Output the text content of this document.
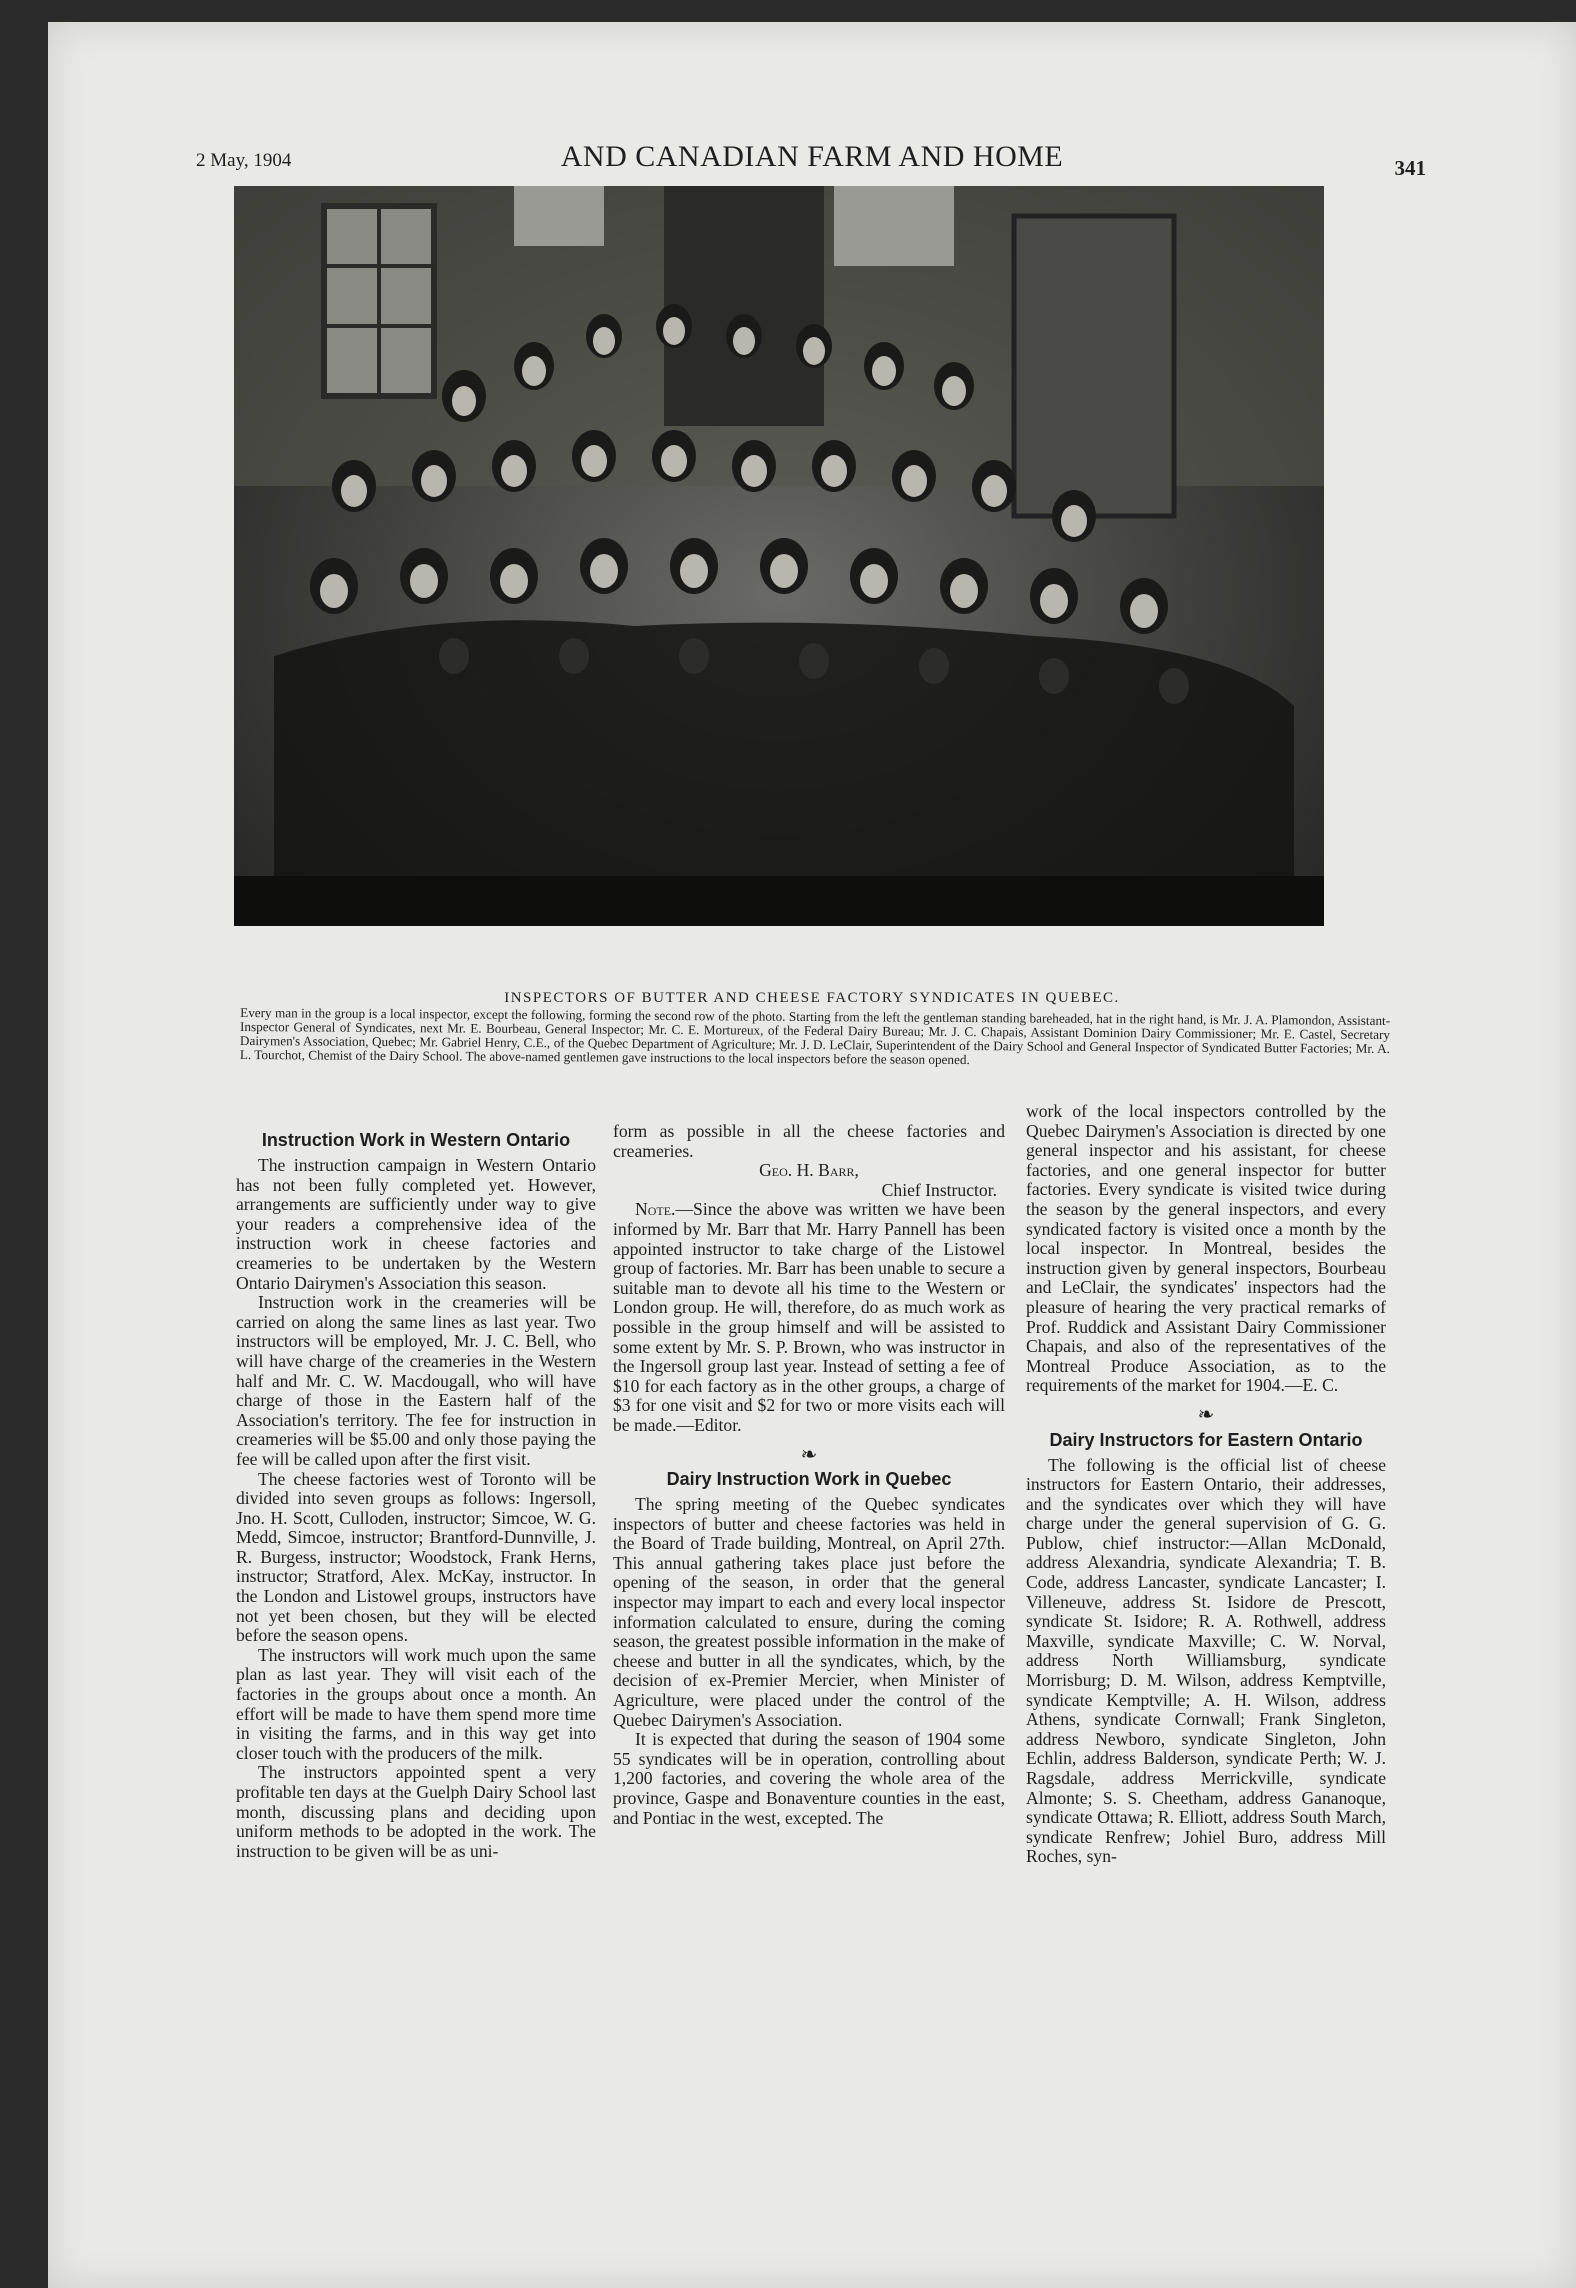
2 May, 1904	AND CANADIAN FARM AND HOME	341
INSPECTORS OF BUTTER AND CHEESE FACTORY SYNDICATES IN QUEBEC.
Every man in the group is a local inspector, except the following, forming the second row of the photo. Starting from the left the gentleman standing bareheaded, hat in the right hand, is Mr. J. A. Plamondon, Assistant-Inspector General of Syndicates, next Mr. E. Bourbeau, General Inspector; Mr. C. E. Mortureux, of the Federal Dairy Bureau; Mr. J. C. Chapais, Assistant Dominion Dairy Commissioner; Mr. E. Castel, Secretary Dairymen's Association, Quebec; Mr. Gabriel Henry, C.E., of the Quebec Department of Agriculture; Mr. J. D. LeClair, Superintendent of the Dairy School and General Inspector of Syndicated Butter Factories; Mr. A. L. Tourchot, Chemist of the Dairy School. The above-named gentlemen gave instructions to the local inspectors before the season opened.
Instruction Work in Western Ontario

The instruction campaign in Western Ontario has not been fully completed yet. However, arrangements are sufficiently under way to give your readers a comprehensive idea of the instruction work in cheese factories and creameries to be undertaken by the Western Ontario Dairymen's Association this season.

Instruction work in the creameries will be carried on along the same lines as last year. Two instructors will be employed, Mr. J. C. Bell, who will have charge of the creameries in the Western half and Mr. C. W. Macdougall, who will have charge of those in the Eastern half of the Association's territory. The fee for instruction in creameries will be $5.00 and only those paying the fee will be called upon after the first visit.

The cheese factories west of Toronto will be divided into seven groups as follows: Ingersoll, Jno. H. Scott, Culloden, instructor; Simcoe, W. G. Medd, Simcoe, instructor; Brantford-Dunnville, J. R. Burgess, instructor; Woodstock, Frank Herns, instructor; Stratford, Alex. McKay, instructor. In the London and Listowel groups, instructors have not yet been chosen, but they will be elected before the season opens.

The instructors will work much upon the same plan as last year. They will visit each of the factories in the groups about once a month. An effort will be made to have them spend more time in visiting the farms, and in this way get into closer touch with the producers of the milk.

The instructors appointed spent a very profitable ten days at the Guelph Dairy School last month, discussing plans and deciding upon uniform methods to be adopted in the work. The instruction to be given will be as uni-

form as possible in all the cheese factories and creameries.

Geo. H. Barr,

Chief Instructor.

Note.—Since the above was written we have been informed by Mr. Barr that Mr. Harry Pannell has been appointed instructor to take charge of the Listowel group of factories. Mr. Barr has been unable to secure a suitable man to devote all his time to the Western or London group. He will, therefore, do as much work as possible in the group himself and will be assisted to some extent by Mr. S. P. Brown, who was instructor in the Ingersoll group last year. Instead of setting a fee of $10 for each factory as in the other groups, a charge of $3 for one visit and $2 for two or more visits each will be made.—Editor.

❧
Dairy Instruction Work in Quebec

The spring meeting of the Quebec syndicates inspectors of butter and cheese factories was held in the Board of Trade building, Montreal, on April 27th. This annual gathering takes place just before the opening of the season, in order that the general inspector may impart to each and every local inspector information calculated to ensure, during the coming season, the greatest possible information in the make of cheese and butter in all the syndicates, which, by the decision of ex-Premier Mercier, when Minister of Agriculture, were placed under the control of the Quebec Dairymen's Association.

It is expected that during the season of 1904 some 55 syndicates will be in operation, controlling about 1,200 factories, and covering the whole area of the province, Gaspe and Bonaventure counties in the east, and Pontiac in the west, excepted. The

work of the local inspectors controlled by the Quebec Dairymen's Association is directed by one general inspector and his assistant, for cheese factories, and one general inspector for butter factories. Every syndicate is visited twice during the season by the general inspectors, and every syndicated factory is visited once a month by the local inspector. In Montreal, besides the instruction given by general inspectors, Bourbeau and LeClair, the syndicates' inspectors had the pleasure of hearing the very practical remarks of Prof. Ruddick and Assistant Dairy Commissioner Chapais, and also of the representatives of the Montreal Produce Association, as to the requirements of the market for 1904.—E. C.

❧
Dairy Instructors for Eastern Ontario

The following is the official list of cheese instructors for Eastern Ontario, their addresses, and the syndicates over which they will have charge under the general supervision of G. G. Publow, chief instructor:—Allan McDonald, address Alexandria, syndicate Alexandria; T. B. Code, address Lancaster, syndicate Lancaster; I. Villeneuve, address St. Isidore de Prescott, syndicate St. Isidore; R. A. Rothwell, address Maxville, syndicate Maxville; C. W. Norval, address North Williamsburg, syndicate Morrisburg; D. M. Wilson, address Kemptville, syndicate Kemptville; A. H. Wilson, address Athens, syndicate Cornwall; Frank Singleton, address Newboro, syndicate Singleton, John Echlin, address Balderson, syndicate Perth; W. J. Ragsdale, address Merrickville, syndicate Almonte; S. S. Cheetham, address Gananoque, syndicate Ottawa; R. Elliott, address South March, syndicate Renfrew; Johiel Buro, address Mill Roches, syn-
